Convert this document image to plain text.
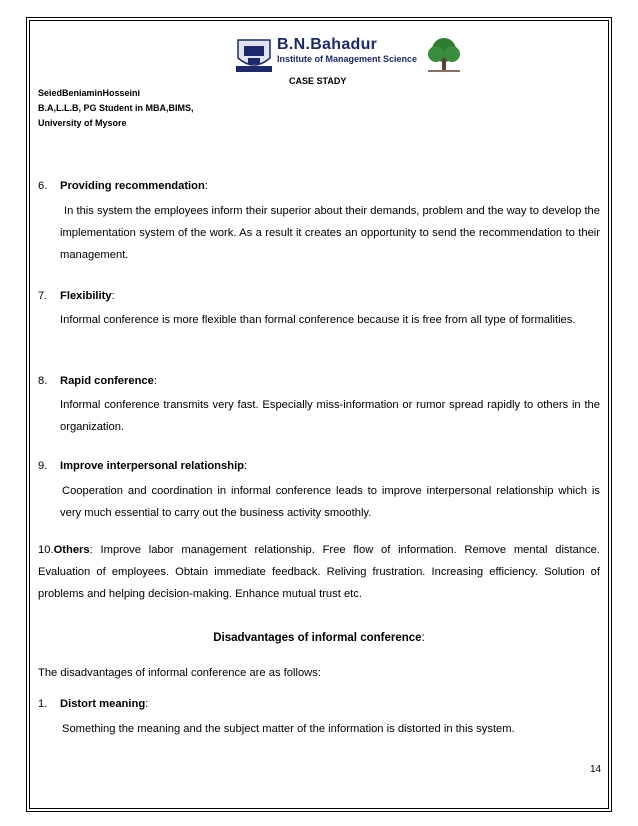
B.N.Bahadur
Institute of Management Science
CASE STADY
SeiedBeniaminHosseini
B.A,L.L.B, PG Student in MBA,BIMS,
University of Mysore
6. Providing recommendation:
In this system the employees inform their superior about their demands, problem and the way to develop the implementation system of the work. As a result it creates an opportunity to send the recommendation to their management.
7. Flexibility:
Informal conference is more flexible than formal conference because it is free from all type of formalities.
8. Rapid conference:
Informal conference transmits very fast. Especially miss-information or rumor spread rapidly to others in the organization.
9. Improve interpersonal relationship:
Cooperation and coordination in informal conference leads to improve interpersonal relationship which is very much essential to carry out the business activity smoothly.
10.Others: Improve labor management relationship. Free flow of information. Remove mental distance. Evaluation of employees. Obtain immediate feedback. Reliving frustration. Increasing efficiency. Solution of problems and helping decision-making. Enhance mutual trust etc.
Disadvantages of informal conference:
The disadvantages of informal conference are as follows:
1. Distort meaning:
Something the meaning and the subject matter of the information is distorted in this system.
14
